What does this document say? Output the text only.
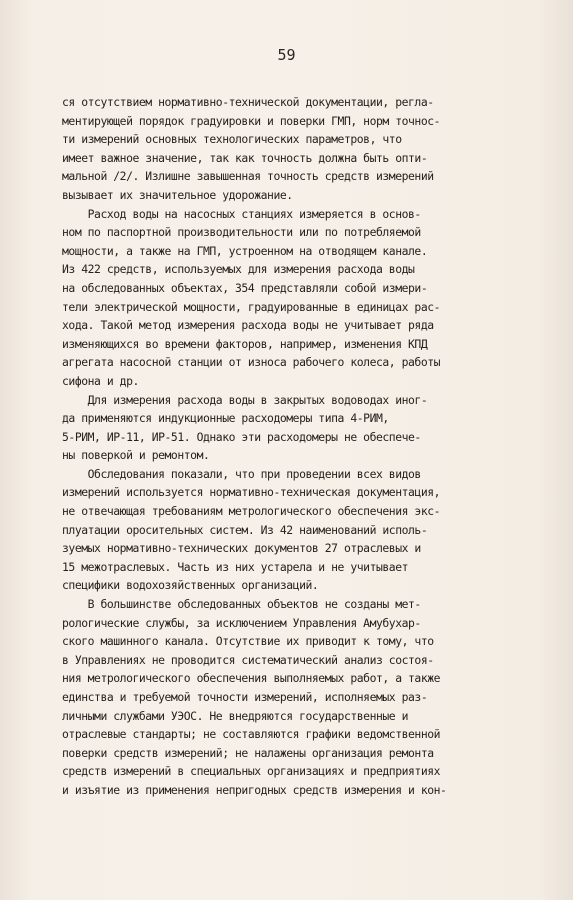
59
ся отсутствием нормативно-технической документации, регла-
ментирующей порядок градуировки и поверки ГМП, норм точнос-
ти измерений основных технологических параметров, что
имеет важное значение, так как точность должна быть опти-
мальной /2/. Излишне завышенная точность средств измерений
вызывает их значительное удорожание.
Расход воды на насосных станциях измеряется в основ-
ном по паспортной производительности или по потребляемой
мощности, а также на ГМП, устроенном на отводящем канале.
Из 422 средств, используемых для измерения расхода воды
на обследованных объектах, 354 представляли собой измери-
тели электрической мощности, градуированные в единицах рас-
хода. Такой метод измерения расхода воды не учитывает ряда
изменяющихся во времени факторов, например, изменения КПД
агрегата насосной станции от износа рабочего колеса, работы
сифона и др.
Для измерения расхода воды в закрытых водоводах иног-
да применяются индукционные расходомеры типа 4-РИМ,
5-РИМ, ИР-11, ИР-51. Однако эти расходомеры не обеспече-
ны поверкой и ремонтом.
Обследования показали, что при проведении всех видов
измерений используется нормативно-техническая документация,
не отвечающая требованиям метрологического обеспечения экс-
плуатации оросительных систем. Из 42 наименований исполь-
зуемых нормативно-технических документов 27 отраслевых и
15 межотраслевых. Часть из них устарела и не учитывает
специфики водохозяйственных организаций.
В большинстве обследованных объектов не созданы мет-
рологические службы, за исключением Управления Амубухар-
ского машинного канала. Отсутствие их приводит к тому, что
в Управлениях не проводится систематический анализ состоя-
ния метрологического обеспечения выполняемых работ, а также
единства и требуемой точности измерений, исполняемых раз-
личными службами УЭОС. Не внедряются государственные и
отраслевые стандарты; не составляются графики ведомственной
поверки средств измерений; не налажены организация ремонта
средств измерений в специальных организациях и предприятиях
и изъятие из применения непригодных средств измерения и кон-
